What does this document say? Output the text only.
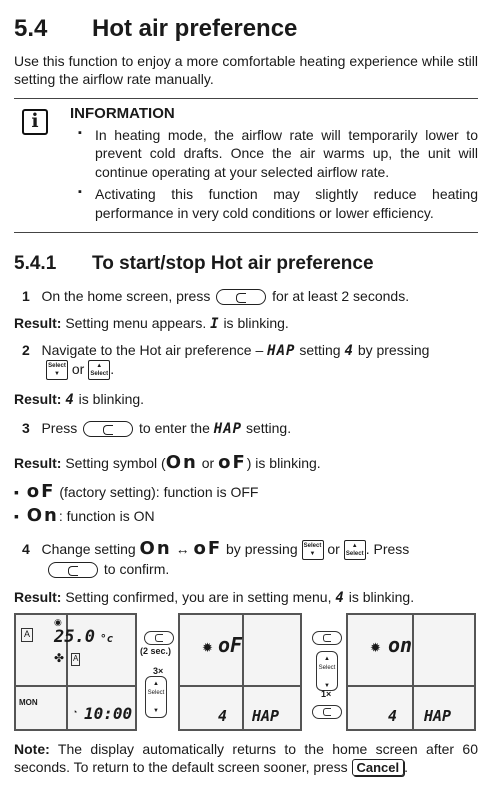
5.4 Hot air preference
Use this function to enjoy a more comfortable heating experience while still setting the airflow rate manually.
i	INFORMATION
▪ In heating mode, the airflow rate will temporarily lower to prevent cold drafts. Once the air warms up, the unit will continue operating at your selected airflow rate.
▪ Activating this function may slightly reduce heating performance in very cold conditions or lower efficiency.
5.4.1 To start/stop Hot air preference
1 On the home screen, press	for at least 2 seconds.
Result: Setting menu appears. I is blinking.
2 Navigate to the Hot air preference – HAP setting 4 by pressing
Select
▼ or ▲
Select .
Result: 4 is blinking.
3 Press	to enter the HAP setting.
Result: Setting symbol (On or oF) is blinking.
▪ oF (factory setting): function is OFF
▪ On: function is ON
4 Change setting On ↔ oF by pressing Select
▼ or ▲
Select . Press
to confirm.
Result: Setting confirmed, you are in setting menu, 4 is blinking.
A
◉
25.0 °c
✤ A
MON
◔ 10:00
(2 sec.)
3×
▲
Select

▼
✹ oF
4 HAP
▲
Select

▼
1×
✹ on
4 HAP
Note: The display automatically returns to the home screen after 60 seconds. To return to the default screen sooner, press Cancel .
